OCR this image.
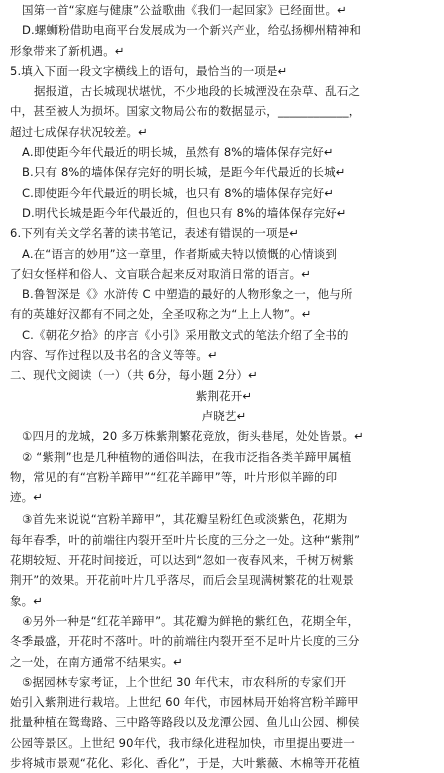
国第一首“家庭与健康”公益歌曲《我们一起回家》已经面世。↵
D.螺蛳粉借助电商平台发展成为一个新兴产业，给弘扬柳州精神和
形象带来了新机遇。↵
5.填入下面一段文字横线上的语句，最恰当的一项是↵
据报道，古长城现状堪忧，不少地段的长城湮没在杂草、乱石之
中，甚至被人为损坏。国家文物局公布的数据显示，____________，
超过七成保存状况较差。↵
A.即使距今年代最近的明长城，虽然有 8%的墙体保存完好↵
B.只有 8%的墙体保存完好的明长城，是距今年代最近的长城↵
C.即使距今年代最近的明长城，也只有 8%的墙体保存完好↵
D.明代长城是距今年代最近的，但也只有 8%的墙体保存完好↵
6.下列有关文学名著的读书笔记，表述有错误的一项是↵
A.在“语言的妙用”这一章里，作者斯威夫特以愤慨的心情谈到
了妇女怪样和俗人、文盲联合起来反对取消日常的语言。↵
B.鲁智深是《》水浒传 C 中塑造的最好的人物形象之一，他与所
有的英雄好汉都有不同之处，全圣叹称之为“上上人物”。↵
C.《朝花夕拾》的序言《小引》采用散文式的笔法介绍了全书的
内容、写作过程以及书名的含义等等。↵
二、现代文阅读（一）（共 6分，每小题 2分）↵
紫荆花开↵
卢晓艺↵
①四月的龙城，20 多万株紫荆繁花竞放，街头巷尾，处处皆景。↵
② “紫荆”也是几种植物的通俗叫法，在我市泛指各类羊蹄甲属植
物，常见的有“宫粉羊蹄甲”“红花羊蹄甲”等，叶片形似羊蹄的印
迹。↵
③首先来说说“宫粉羊蹄甲”，其花瓣呈粉红色或淡紫色，花期为
每年春季，叶的前端往内裂开至叶片长度的三分之一处。这种“紫荆”
花期较短、开花时间接近，可以达到“忽如一夜春风来，千树万树紫
荆开”的效果。开花前叶片几乎落尽，而后会呈现满树繁花的壮观景
象。↵
④另外一种是“红花羊蹄甲”。其花瓣为鲜艳的紫红色，花期全年，
冬季最盛，开花时不落叶。叶的前端往内裂开至不足叶片长度的三分
之一处，在南方通常不结果实。↵
⑤据园林专家考证，上个世纪 30 年代末，市农科所的专家们开
始引入紫荆进行栽培。上世纪 60 年代，市园林局开始将宫粉羊蹄甲
批量种植在鸳鸯路、三中路等路段以及龙潭公园、鱼儿山公园、柳侯
公园等景区。上世纪 90年代，我市绿化进程加快，市里提出要进一
步将城市景观“花化、彩化、香化”，于是，大叶紫薇、木棉等开花植
